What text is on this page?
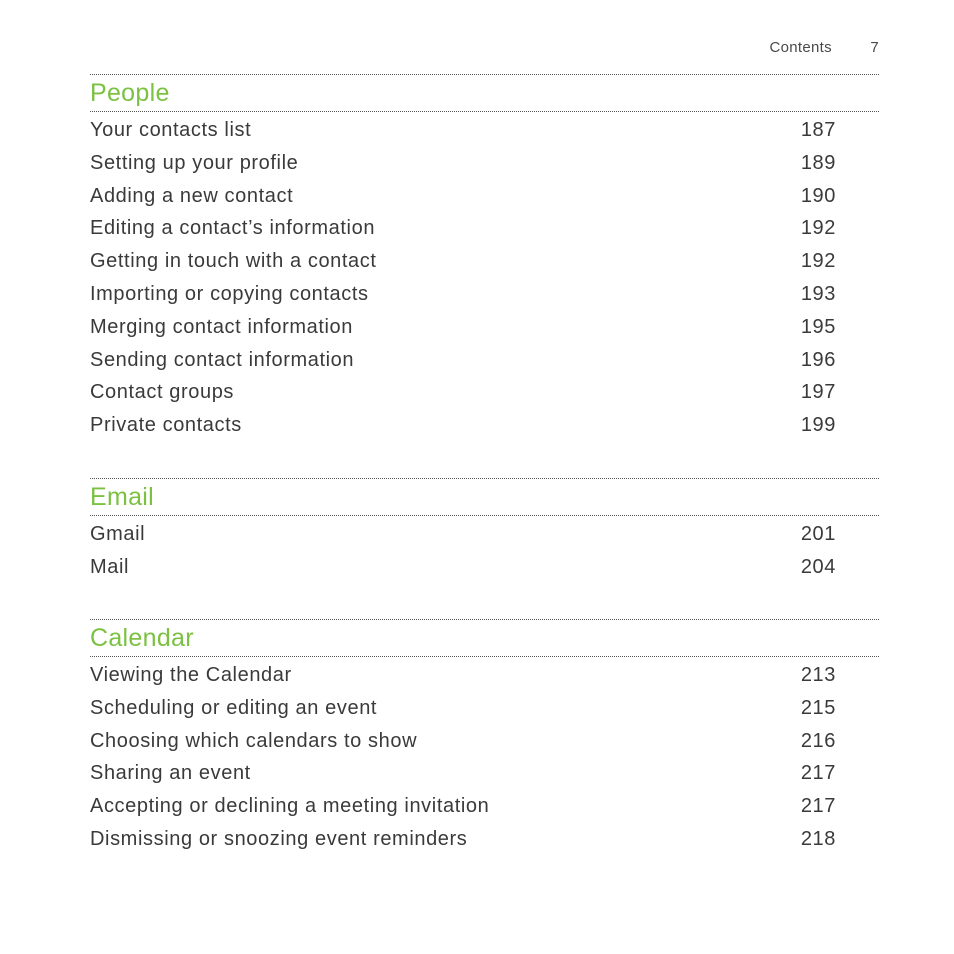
Contents	7
People
Your contacts list	187
Setting up your profile	189
Adding a new contact	190
Editing a contact’s information	192
Getting in touch with a contact	192
Importing or copying contacts	193
Merging contact information	195
Sending contact information	196
Contact groups	197
Private contacts	199
Email
Gmail	201
Mail	204
Calendar
Viewing the Calendar	213
Scheduling or editing an event	215
Choosing which calendars to show	216
Sharing an event	217
Accepting or declining a meeting invitation	217
Dismissing or snoozing event reminders	218
